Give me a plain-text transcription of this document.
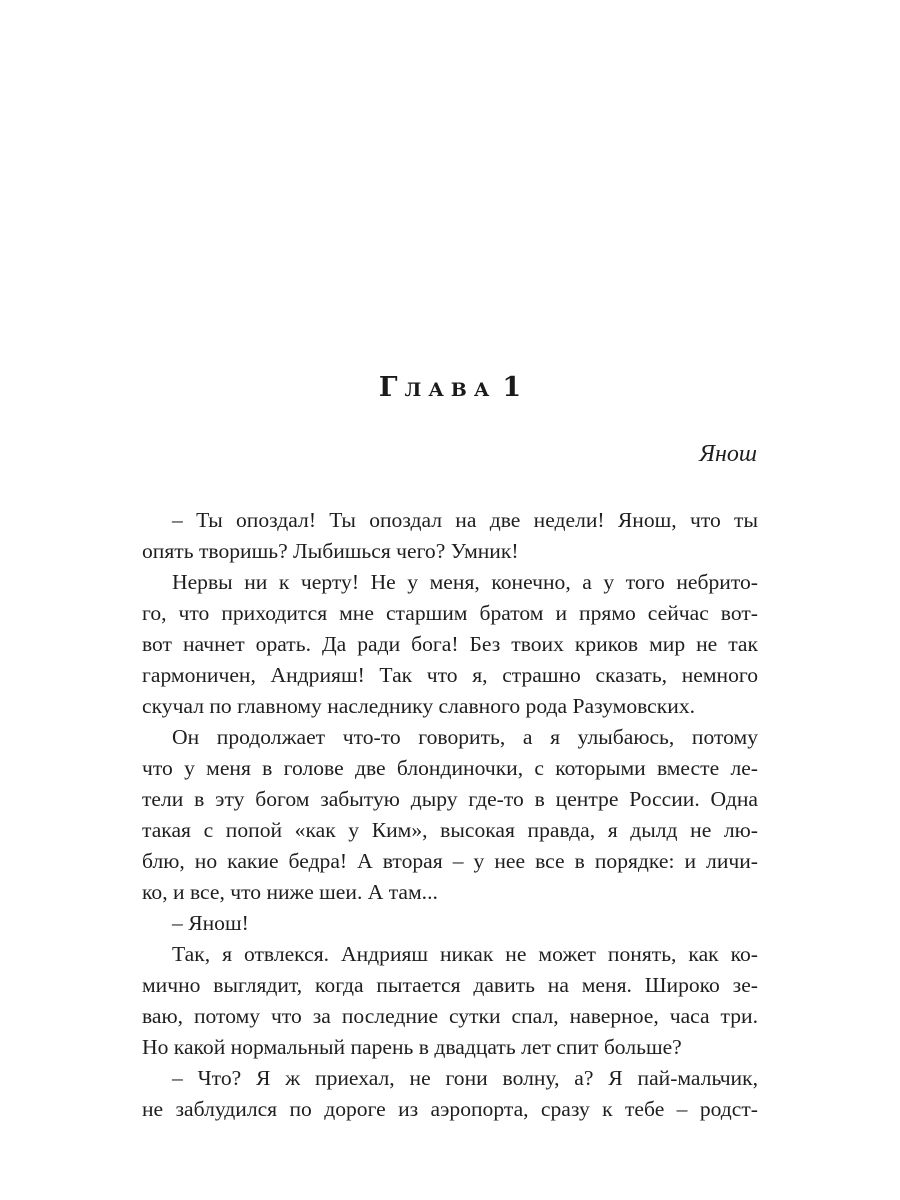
Глава 1
Янош
– Ты опоздал! Ты опоздал на две недели! Янош, что ты
опять творишь? Лыбишься чего? Умник!
Нервы ни к черту! Не у меня, конечно, а у того небрито-
го, что приходится мне старшим братом и прямо сейчас вот-
вот начнет орать. Да ради бога! Без твоих криков мир не так
гармоничен, Андрияш! Так что я, страшно сказать, немного
скучал по главному наследнику славного рода Разумовских.
Он продолжает что-то говорить, а я улыбаюсь, потому
что у меня в голове две блондиночки, с которыми вместе ле-
тели в эту богом забытую дыру где-то в центре России. Одна
такая с попой «как у Ким», высокая правда, я дылд не лю-
блю, но какие бедра! А вторая – у нее все в порядке: и личи-
ко, и все, что ниже шеи. А там...
– Янош!
Так, я отвлекся. Андрияш никак не может понять, как ко-
мично выглядит, когда пытается давить на меня. Широко зе-
ваю, потому что за последние сутки спал, наверное, часа три.
Но какой нормальный парень в двадцать лет спит больше?
– Что? Я ж приехал, не гони волну, а? Я пай-мальчик,
не заблудился по дороге из аэропорта, сразу к тебе – родст-
